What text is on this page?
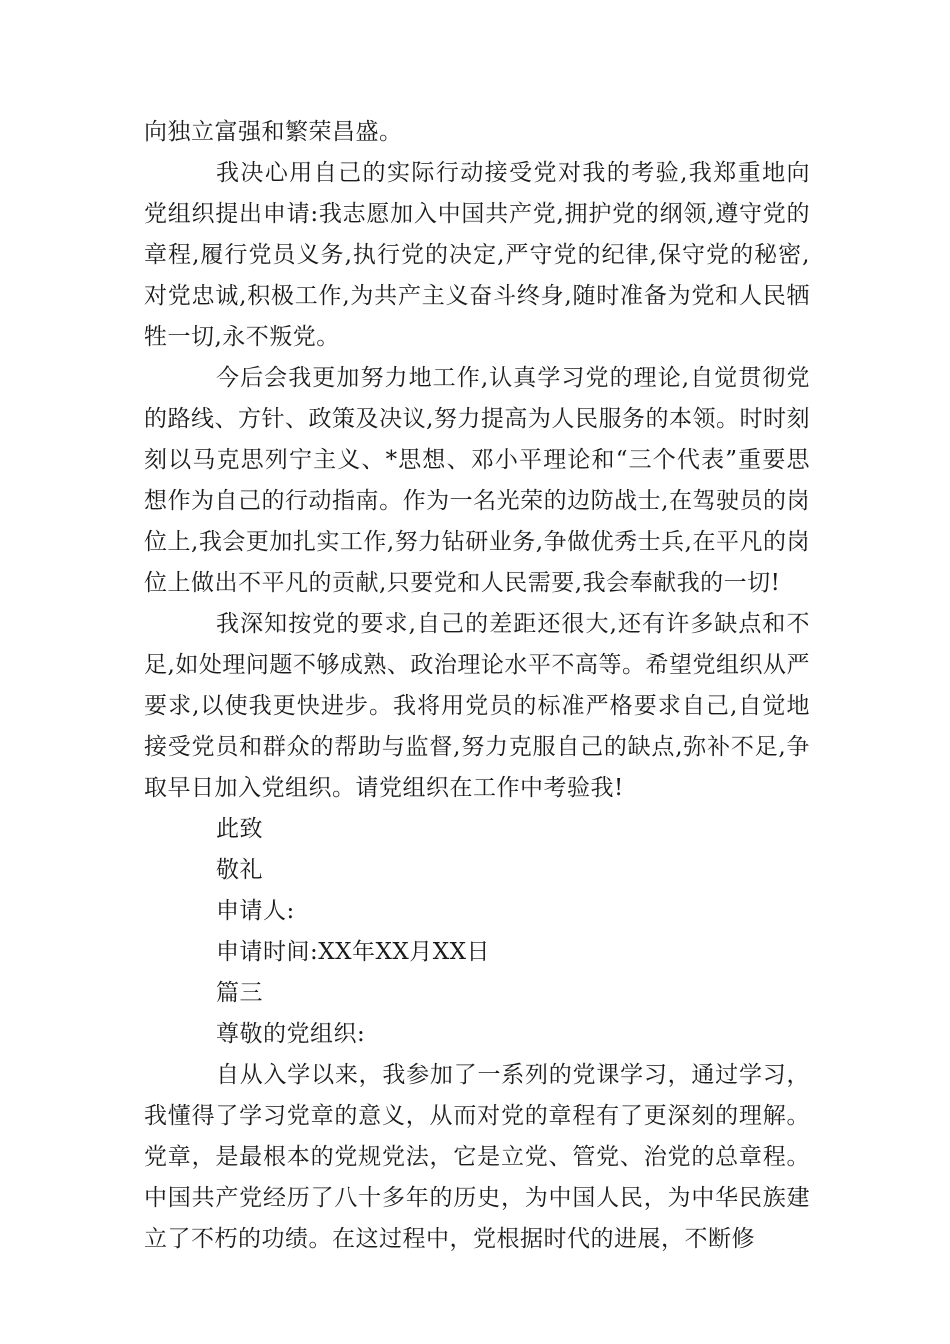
向独立富强和繁荣昌盛。

我决心用自己的实际行动接受党对我的考验,我郑重地向党组织提出申请:我志愿加入中国共产党,拥护党的纲领,遵守党的章程,履行党员义务,执行党的决定,严守党的纪律,保守党的秘密,对党忠诚,积极工作,为共产主义奋斗终身,随时准备为党和人民牺牲一切,永不叛党。

今后会我更加努力地工作,认真学习党的理论,自觉贯彻党的路线、方针、政策及决议,努力提高为人民服务的本领。时时刻刻以马克思列宁主义、*思想、邓小平理论和“三个代表”重要思想作为自己的行动指南。作为一名光荣的边防战士,在驾驶员的岗位上,我会更加扎实工作,努力钻研业务,争做优秀士兵,在平凡的岗位上做出不平凡的贡献,只要党和人民需要,我会奉献我的一切!

我深知按党的要求,自己的差距还很大,还有许多缺点和不足,如处理问题不够成熟、政治理论水平不高等。希望党组织从严要求,以使我更快进步。我将用党员的标准严格要求自己,自觉地接受党员和群众的帮助与监督,努力克服自己的缺点,弥补不足,争取早日加入党组织。请党组织在工作中考验我!

此致

敬礼

申请人:

申请时间:XX年XX月XX日

篇三

尊敬的党组织:

自从入学以来，我参加了一系列的党课学习，通过学习，我懂得了学习党章的意义，从而对党的章程有了更深刻的理解。党章，是最根本的党规党法，它是立党、管党、治党的总章程。中国共产党经历了八十多年的历史，为中国人民，为中华民族建立了不朽的功绩。在这过程中，党根据时代的进展，不断修
